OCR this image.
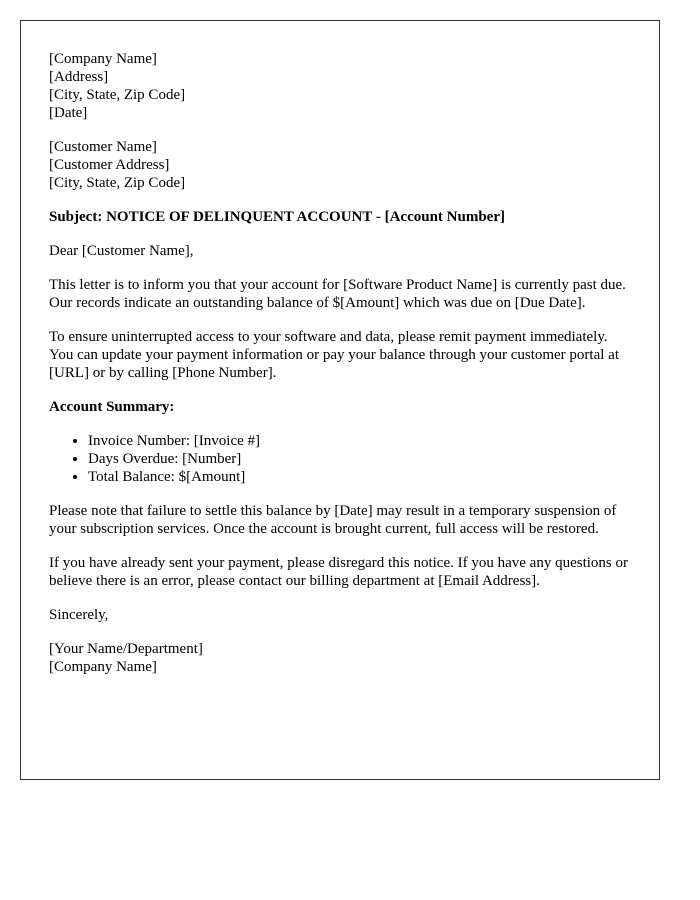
[Company Name]
[Address]
[City, State, Zip Code]
[Date]
[Customer Name]
[Customer Address]
[City, State, Zip Code]

Subject: NOTICE OF DELINQUENT ACCOUNT - [Account Number]

Dear [Customer Name],

This letter is to inform you that your account for [Software Product Name] is currently past due. Our records indicate an outstanding balance of $[Amount] which was due on [Due Date].

To ensure uninterrupted access to your software and data, please remit payment immediately. You can update your payment information or pay your balance through your customer portal at [URL] or by calling [Phone Number].

Account Summary:

• Invoice Number: [Invoice #]
• Days Overdue: [Number]
• Total Balance: $[Amount]

Please note that failure to settle this balance by [Date] may result in a temporary suspension of your subscription services. Once the account is brought current, full access will be restored.

If you have already sent your payment, please disregard this notice. If you have any questions or believe there is an error, please contact our billing department at [Email Address].

Sincerely,

[Your Name/Department]
[Company Name]
